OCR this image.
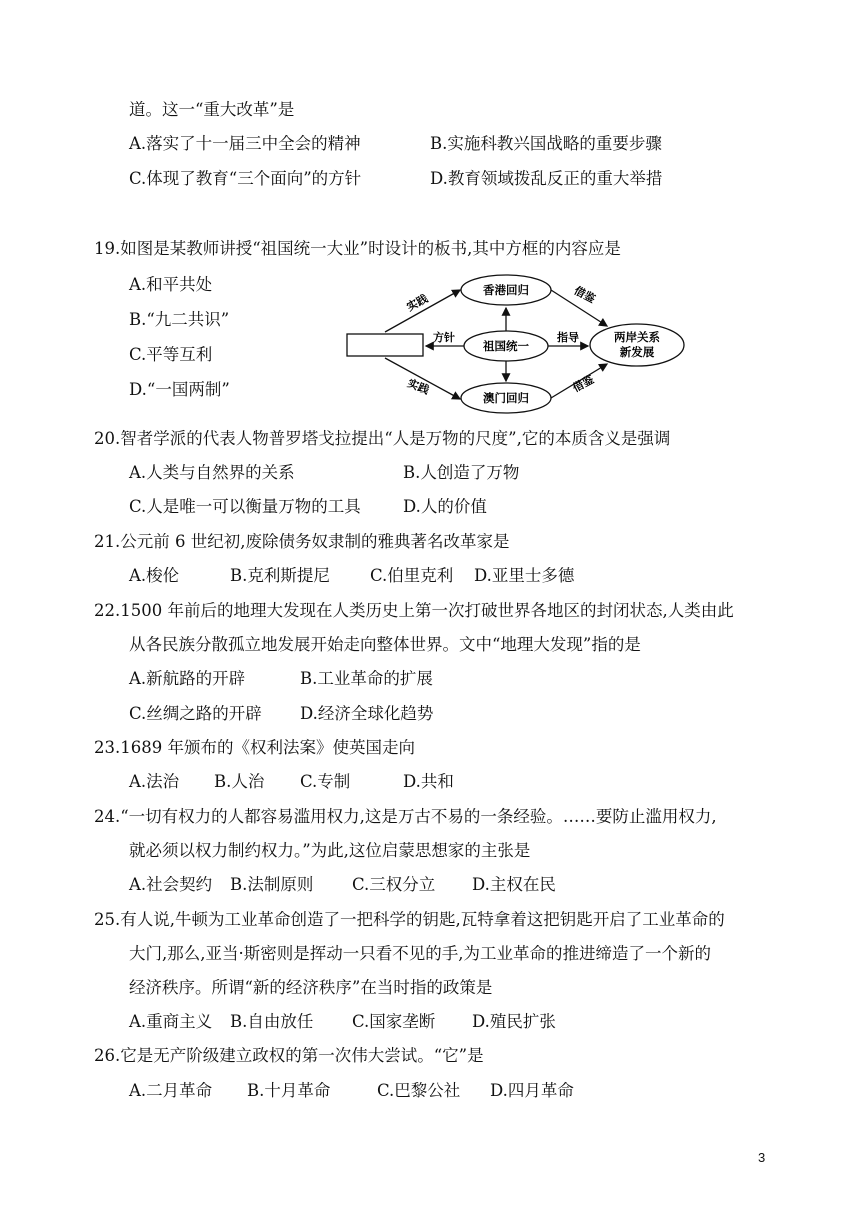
道。这一“重大改革”是
A.落实了十一届三中全会的精神	B.实施科教兴国战略的重要步骤
C.体现了教育“三个面向”的方针	D.教育领域拨乱反正的重大举措
19.如图是某教师讲授“祖国统一大业”时设计的板书,其中方框的内容应是
A.和平共处
B.“九二共识”
C.平等互利
D.“一国两制”
祖国统一
香港回归
澳门回归
两岸关系
新发展
方针	指导
实践
实践
借鉴
借鉴
20.智者学派的代表人物普罗塔戈拉提出“人是万物的尺度”,它的本质含义是强调
A.人类与自然界的关系	B.人创造了万物
C.人是唯一可以衡量万物的工具	D.人的价值
21.公元前 6 世纪初,废除债务奴隶制的雅典著名改革家是
A.梭伦	B.克利斯提尼 C.伯里克利 D.亚里士多德
22.1500 年前后的地理大发现在人类历史上第一次打破世界各地区的封闭状态,人类由此
从各民族分散孤立地发展开始走向整体世界。文中“地理大发现”指的是
A.新航路的开辟	B.工业革命的扩展
C.丝绸之路的开辟 D.经济全球化趋势
23.1689 年颁布的《权利法案》使英国走向
A.法治 B.人治 C.专制	D.共和
24.“一切有权力的人都容易滥用权力,这是万古不易的一条经验。……要防止滥用权力,
就必须以权力制约权力。”为此,这位启蒙思想家的主张是
A.社会契约 B.法制原则 C.三权分立 D.主权在民
25.有人说,牛顿为工业革命创造了一把科学的钥匙,瓦特拿着这把钥匙开启了工业革命的
大门,那么,亚当·斯密则是挥动一只看不见的手,为工业革命的推进缔造了一个新的
经济秩序。所谓“新的经济秩序”在当时指的政策是
A.重商主义 B.自由放任 C.国家垄断 D.殖民扩张
26.它是无产阶级建立政权的第一次伟大尝试。“它”是
A.二月革命 B.十月革命	C.巴黎公社 D.四月革命
3
